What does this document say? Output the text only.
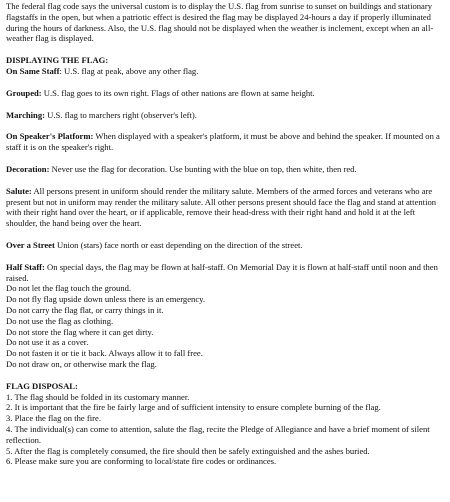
The federal flag code says the universal custom is to display the U.S. flag from sunrise to sunset on buildings and stationary flagstaffs in the open, but when a patriotic effect is desired the flag may be displayed 24-hours a day if properly illuminated during the hours of darkness. Also, the U.S. flag should not be displayed when the weather is inclement, except when an all-weather flag is displayed.

DISPLAYING THE FLAG:

On Same Staff: U.S. flag at peak, above any other flag.

Grouped: U.S. flag goes to its own right. Flags of other nations are flown at same height.

Marching: U.S. flag to marchers right (observer's left).

On Speaker's Platform: When displayed with a speaker's platform, it must be above and behind the speaker. If mounted on a staff it is on the speaker's right.

Decoration: Never use the flag for decoration. Use bunting with the blue on top, then white, then red.

Salute: All persons present in uniform should render the military salute. Members of the armed forces and veterans who are present but not in uniform may render the military salute. All other persons present should face the flag and stand at attention with their right hand over the heart, or if applicable, remove their head-dress with their right hand and hold it at the left shoulder, the hand being over the heart.

Over a Street Union (stars) face north or east depending on the direction of the street.

Half Staff: On special days, the flag may be flown at half-staff. On Memorial Day it is flown at half-staff until noon and then raised.

Do not let the flag touch the ground.
Do not fly flag upside down unless there is an emergency.
Do not carry the flag flat, or carry things in it.
Do not use the flag as clothing.
Do not store the flag where it can get dirty.
Do not use it as a cover.
Do not fasten it or tie it back. Always allow it to fall free.
Do not draw on, or otherwise mark the flag.

FLAG DISPOSAL:

1. The flag should be folded in its customary manner.
2. It is important that the fire be fairly large and of sufficient intensity to ensure complete burning of the flag.
3. Place the flag on the fire.
4. The individual(s) can come to attention, salute the flag, recite the Pledge of Allegiance and have a brief moment of silent reflection.
5. After the flag is completely consumed, the fire should then be safely extinguished and the ashes buried.
6. Please make sure you are conforming to local/state fire codes or ordinances.
